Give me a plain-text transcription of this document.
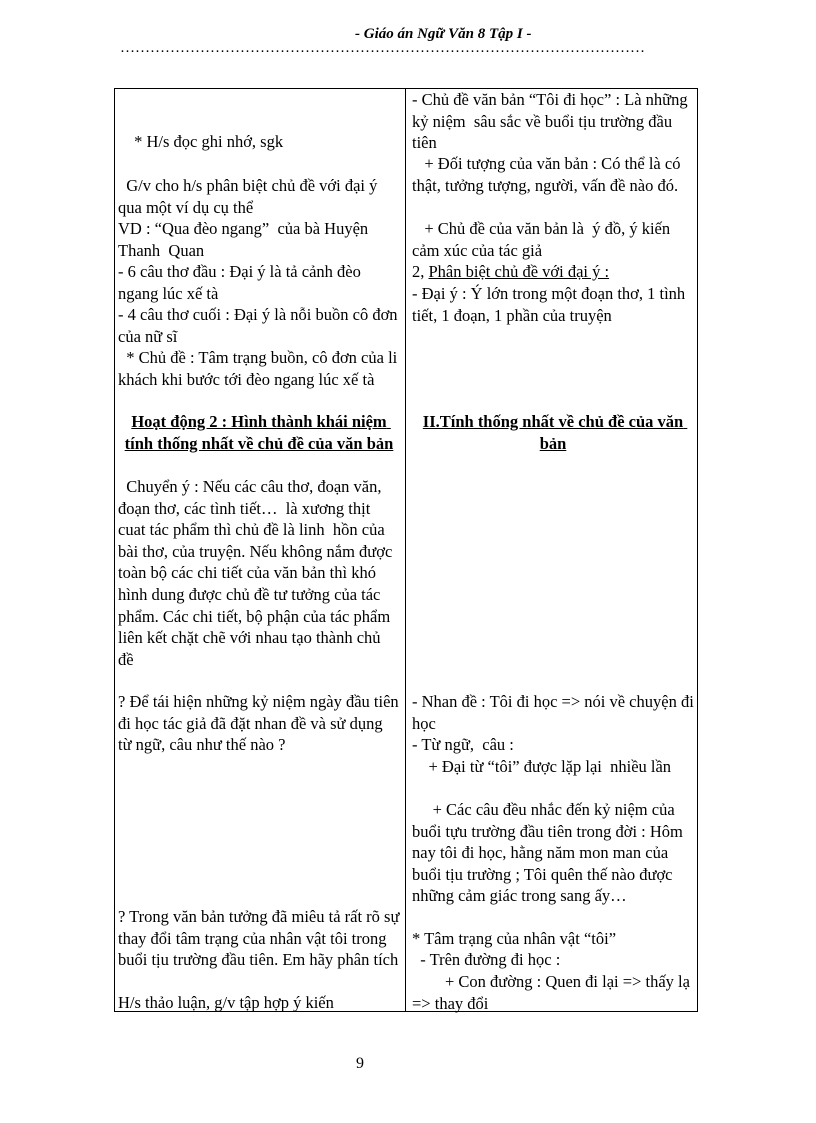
- Giáo án Ngữ Văn 8 Tập I -
……………………………………………………………………………………………

* H/s đọc ghi nhớ, sgk

G/v cho h/s phân biệt chủ đề với đại ý qua một ví dụ cụ thể

VD : “Qua đèo ngang”  của bà Huyện  Thanh  Quan

- 6 câu thơ đầu : Đại ý là tả cảnh đèo ngang lúc xế tà

- 4 câu thơ cuối : Đại ý là nỗi buồn cô đơn của nữ sĩ

* Chủ đề : Tâm trạng buồn, cô đơn của li khách khi bước tới đèo ngang lúc xế tà

Hoạt động 2 : Hình thành khái niệm tính thống nhất về chủ đề của văn bản

Chuyển ý : Nếu các câu thơ, đoạn văn, đoạn thơ, các tình tiết…  là xương thịt cuat tác phẩm thì chủ đề là linh  hồn của bài thơ, của truyện. Nếu không nắm được toàn bộ các chi tiết của văn bản thì khó hình dung được chủ đề tư tưởng của tác phẩm. Các chi tiết, bộ phận của tác phẩm liên kết chặt chẽ với nhau tạo thành chủ đề

? Để tái hiện những kỷ niệm ngày đầu tiên đi học tác giả đã đặt nhan đề và sử dụng từ ngữ, câu như thế nào ?

? Trong văn bản tưởng đã miêu tả rất rõ sự thay đổi tâm trạng của nhân vật tôi trong buổi tịu trường đầu tiên. Em hãy phân tích

H/s thảo luận, g/v tập hợp ý kiến

- Chủ đề văn bản “Tôi đi học” : Là những kỷ niệm  sâu sắc về buổi tịu trường đầu tiên

+ Đối tượng của văn bản : Có thể là có thật, tưởng tượng, người, vấn đề nào đó.

+ Chủ đề của văn bản là  ý đồ, ý kiến  cảm xúc của tác giả

2, Phân biệt chủ đề với đại ý :

- Đại ý : Ý lớn trong một đoạn thơ, 1 tình tiết, 1 đoạn, 1 phần của truyện

II.Tính thống nhất về chủ đề của văn bản

- Nhan đề : Tôi đi học => nói về chuyện đi học

- Từ ngữ,  câu :

+ Đại từ “tôi” được lặp lại  nhiều lần

+ Các câu đều nhắc đến kỷ niệm của buổi tựu trường đầu tiên trong đời : Hôm nay tôi đi học, hằng năm mon man của buổi tịu trường ; Tôi quên thế nào được những cảm giác trong sang ấy…

* Tâm trạng của nhân vật “tôi”

- Trên đường đi học :

+ Con đường : Quen đi lại => thấy lạ => thay đổi

9
